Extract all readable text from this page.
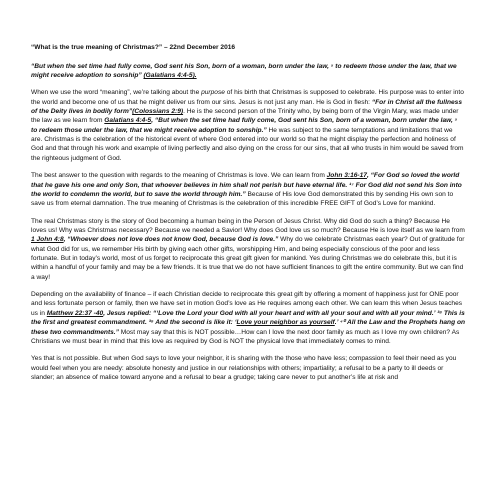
“What is the true meaning of Christmas?” – 22nd December 2016

“But when the set time had fully come, God sent his Son, born of a woman, born under the law, ⁵ to redeem those under the law, that we might receive adoption to sonship” (Galatians 4:4-5).

When we use the word “meaning”, we’re talking about the purpose of his birth that Christmas is supposed to celebrate. His purpose was to enter into the world and become one of us that he might deliver us from our sins. Jesus is not just any man. He is God in flesh: “For in Christ all the fullness of the Deity lives in bodily form”(Colossians 2:9). He is the second person of the Trinity who, by being born of the Virgin Mary, was made under the law as we learn from Galatians 4:4-5, “But when the set time had fully come, God sent his Son, born of a woman, born under the law, ⁵ to redeem those under the law, that we might receive adoption to sonship.” He was subject to the same temptations and limitations that we are. Christmas is the celebration of the historical event of where God entered into our world so that he might display the perfection and holiness of God and that through his work and example of living perfectly and also dying on the cross for our sins, that all who trusts in him would be saved from the righteous judgment of God.

The best answer to the question with regards to the meaning of Christmas is love. We can learn from John 3:16-17, “For God so loved the world that he gave his one and only Son, that whoever believes in him shall not perish but have eternal life. ¹⁷ For God did not send his Son into the world to condemn the world, but to save the world through him.” Because of His love God demonstrated this by sending His own son to save us from eternal damnation. The true meaning of Christmas is the celebration of this incredible FREE GIFT of God’s Love for mankind.

The real Christmas story is the story of God becoming a human being in the Person of Jesus Christ. Why did God do such a thing? Because He loves us! Why was Christmas necessary? Because we needed a Savior! Why does God love us so much? Because He is love itself as we learn from 1 John 4:8, “Whoever does not love does not know God, because God is love.” Why do we celebrate Christmas each year? Out of gratitude for what God did for us, we remember His birth by giving each other gifts, worshipping Him, and being especially conscious of the poor and less fortunate. But in today’s world, most of us forget to reciprocate this great gift given for mankind. Yes during Christmas we do celebrate this, but it is within a handful of your family and may be a few friends. It is true that we do not have sufficient finances to gift the entire community. But we can find a way!

Depending on the availability of finance – if each Christian decide to reciprocate this great gift by offering a moment of happiness just for ONE poor and less fortunate person or family, then we have set in motion God’s love as He requires among each other. We can learn this when Jesus teaches us in Matthew 22:37 -40, Jesus replied: “‘Love the Lord your God with all your heart and with all your soul and with all your mind.’ ³⁸ This is the first and greatest commandment. ³⁹ And the second is like it: ‘Love your neighbor as yourself.’ ⁴⁰ All the Law and the Prophets hang on these two commandments.” Most may say that this is NOT possible…How can I love the next door family as much as I love my own children? As Christians we must bear in mind that this love as required by God is NOT the physical love that immediately comes to mind.

Yes that is not possible. But when God says to love your neighbor, it is sharing with the those who have less; compassion to feel their need as you would feel when you are needy: absolute honesty and justice in our relationships with others; impartiality; a refusal to be a party to ill deeds or slander; an absence of malice toward anyone and a refusal to bear a grudge; taking care never to put another’s life at risk and
